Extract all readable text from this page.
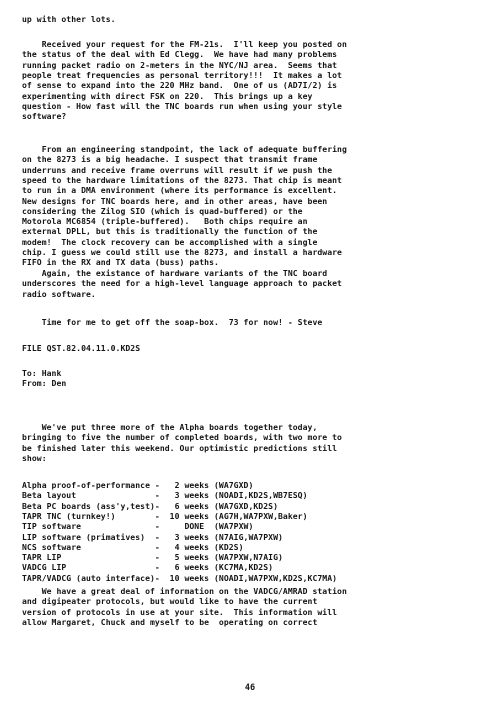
up with other lots.
Received your request for the FM-21s.  I'll keep you posted on
the status of the deal with Ed Clegg.  We have had many problems
running packet radio on 2-meters in the NYC/NJ area.  Seems that
people treat frequencies as personal territory!!!  It makes a lot
of sense to expand into the 220 MHz band.  One of us (AD7I/2) is
experimenting with direct FSK on 220.  This brings up a key
question - How fast will the TNC boards run when using your style
software?
From an engineering standpoint, the lack of adequate buffering
on the 8273 is a big headache. I suspect that transmit frame
underruns and receive frame overruns will result if we push the
speed to the hardware limitations of the 8273. That chip is meant
to run in a DMA environment (where its performance is excellent.
New designs for TNC boards here, and in other areas, have been
considering the Zilog SIO (which is quad-buffered) or the
Motorola MC6854 (triple-buffered).   Both chips require an
external DPLL, but this is traditionally the function of the
modem!  The clock recovery can be accomplished with a single
chip. I guess we could still use the 8273, and install a hardware
FIFO in the RX and TX data (buss) paths.
Again, the existance of hardware variants of the TNC board
underscores the need for a high-level language approach to packet
radio software.
Time for me to get off the soap-box.  73 for now! - Steve
FILE QST.82.04.11.0.KD2S
To: Hank
From: Den
We've put three more of the Alpha boards together today,
bringing to five the number of completed boards, with two more to
be finished later this weekend. Our optimistic predictions still
show:
Alpha proof-of-performance -   2 weeks (WA7GXD)
Beta layout                -   3 weeks (NOADI,KD2S,WB7ESQ)
Beta PC boards (ass'y,test)-   6 weeks (WA7GXD,KD2S)
TAPR TNC (turnkey!)        -  10 weeks (AG7H,WA7PXW,Baker)
TIP software               -     DONE  (WA7PXW)
LIP software (primatives)  -   3 weeks (N7AIG,WA7PXW)
NCS software               -   4 weeks (KD2S)
TAPR LIP                   -   5 weeks (WA7PXW,N7AIG)
VADCG LIP                  -   6 weeks (KC7MA,KD2S)
TAPR/VADCG (auto interface)-  10 weeks (NOADI,WA7PXW,KD2S,KC7MA)
We have a great deal of information on the VADCG/AMRAD station
and digipeater protocols, but would like to have the current
version of protocols in use at your site.  This information will
allow Margaret, Chuck and myself to be  operating on correct
46
